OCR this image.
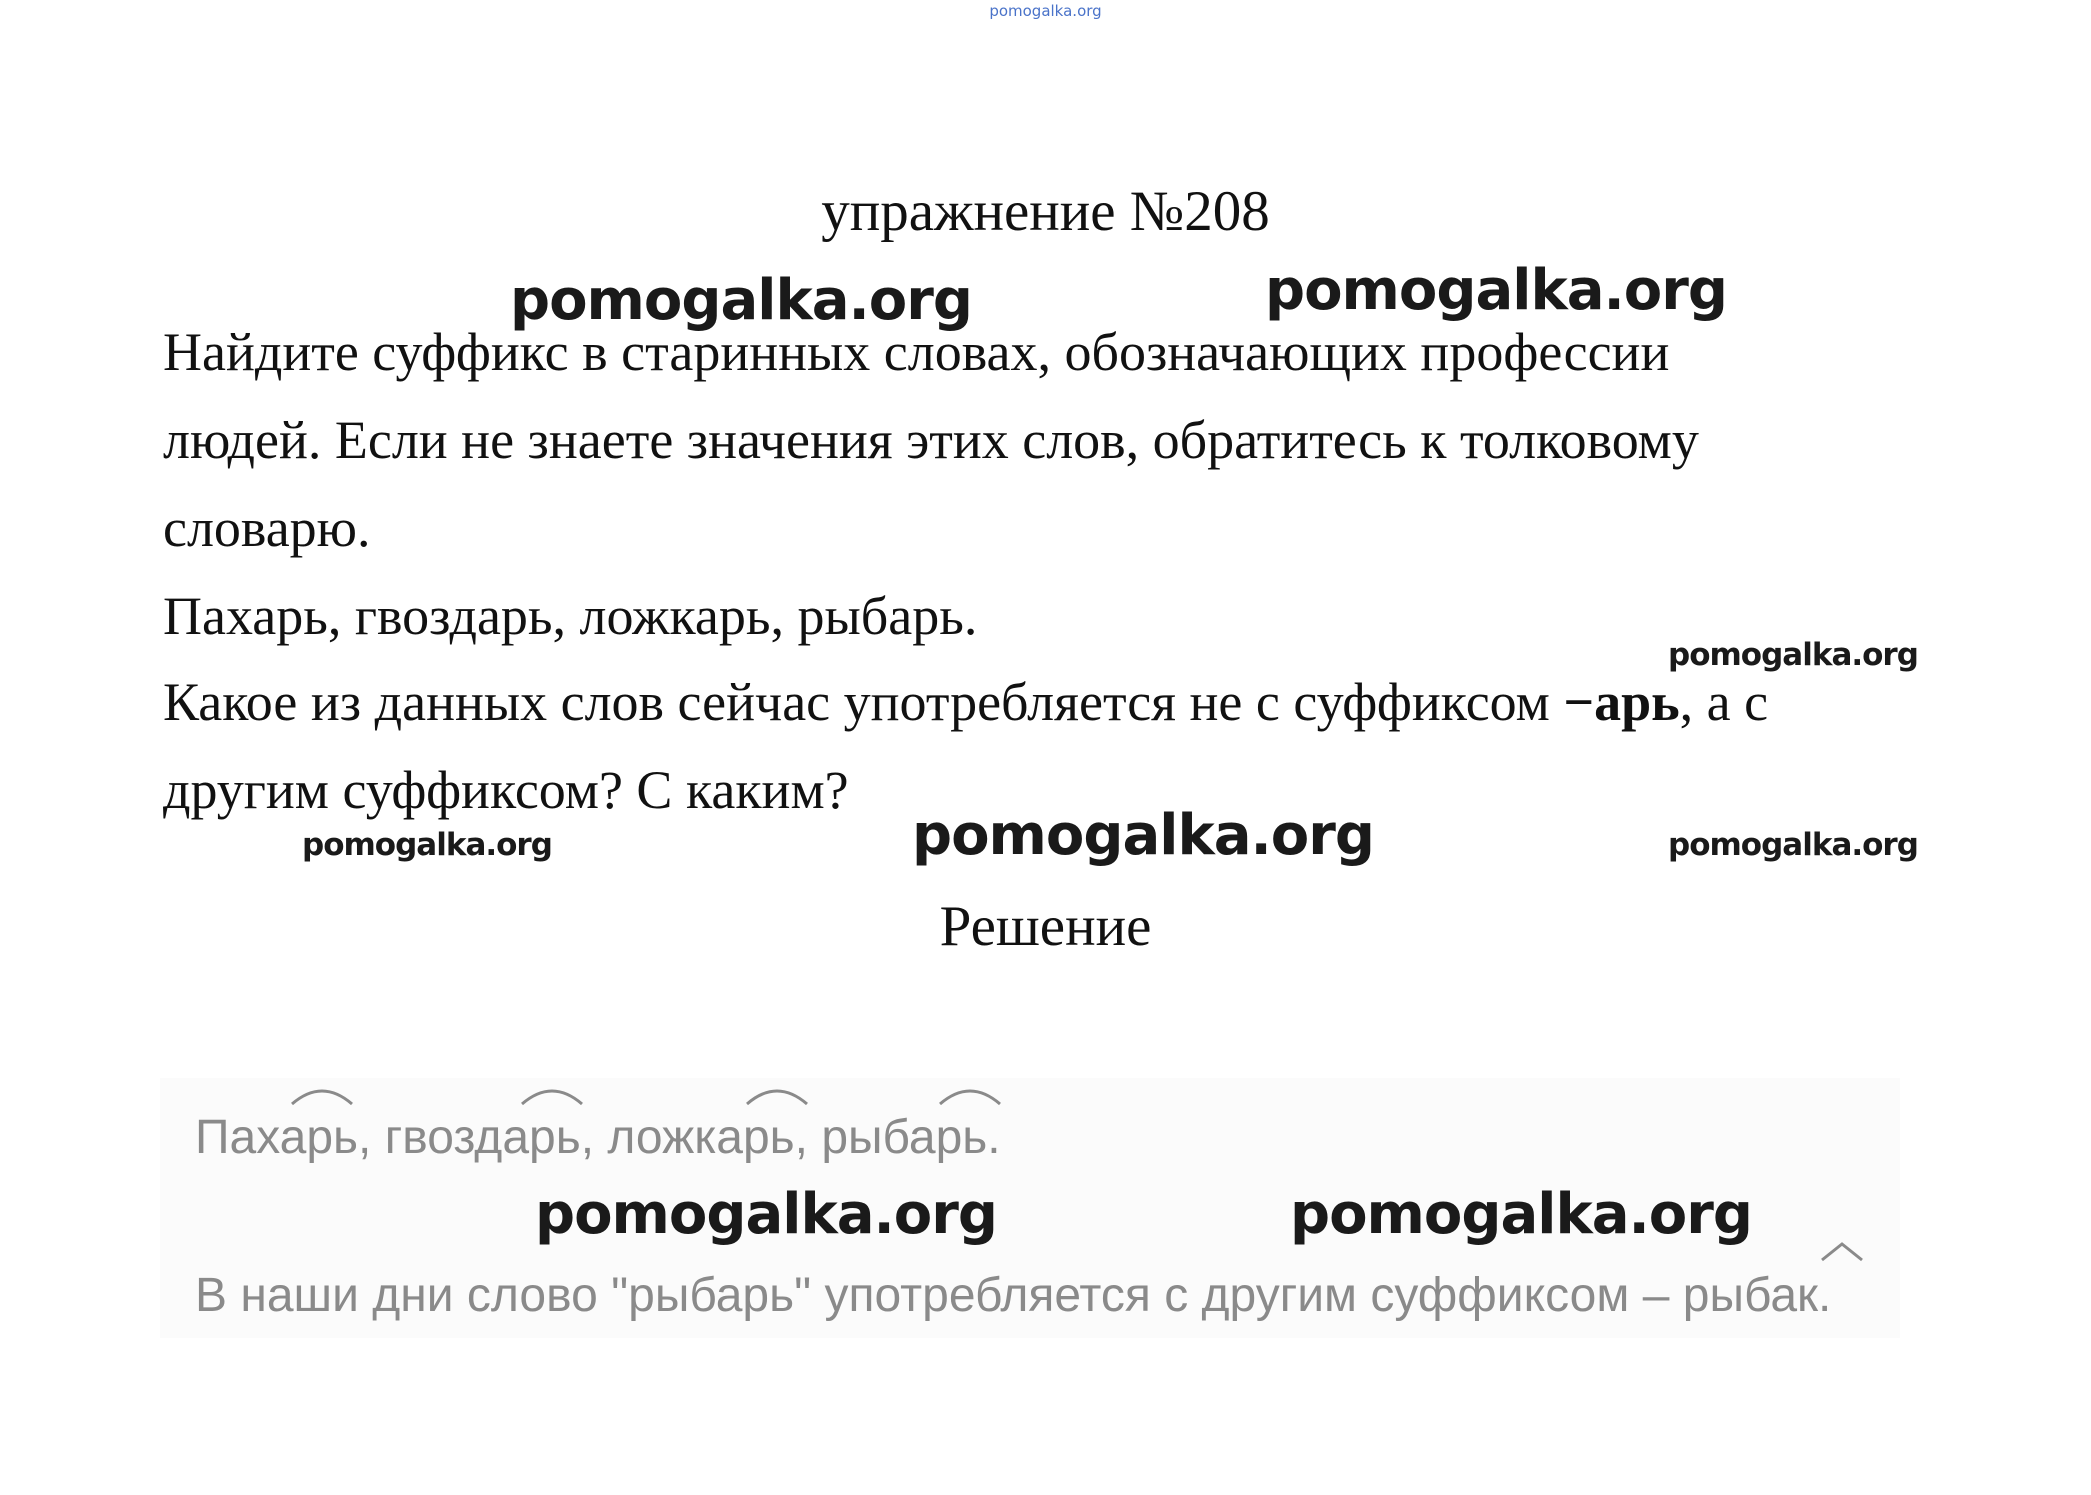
pomogalka.org
упражнение №208
Найдите суффикс в старинных словах, обозначающих профессии
людей. Если не знаете значения этих слов, обратитесь к толковому
словарю.
Пахарь, гвоздарь, ложкарь, рыбарь.
Какое из данных слов сейчас употребляется не с суффиксом −арь, а с
другим суффиксом? С каким?
Решение
Пахарь, гвоздарь, ложкарь, рыбарь.
В наши дни слово "рыбарь" употребляется с другим суффиксом – рыбак.
pomogalka.org	pomogalka.org
pomogalka.org
pomogalka.org	pomogalka.org	pomogalka.org
pomogalka.org	pomogalka.org
